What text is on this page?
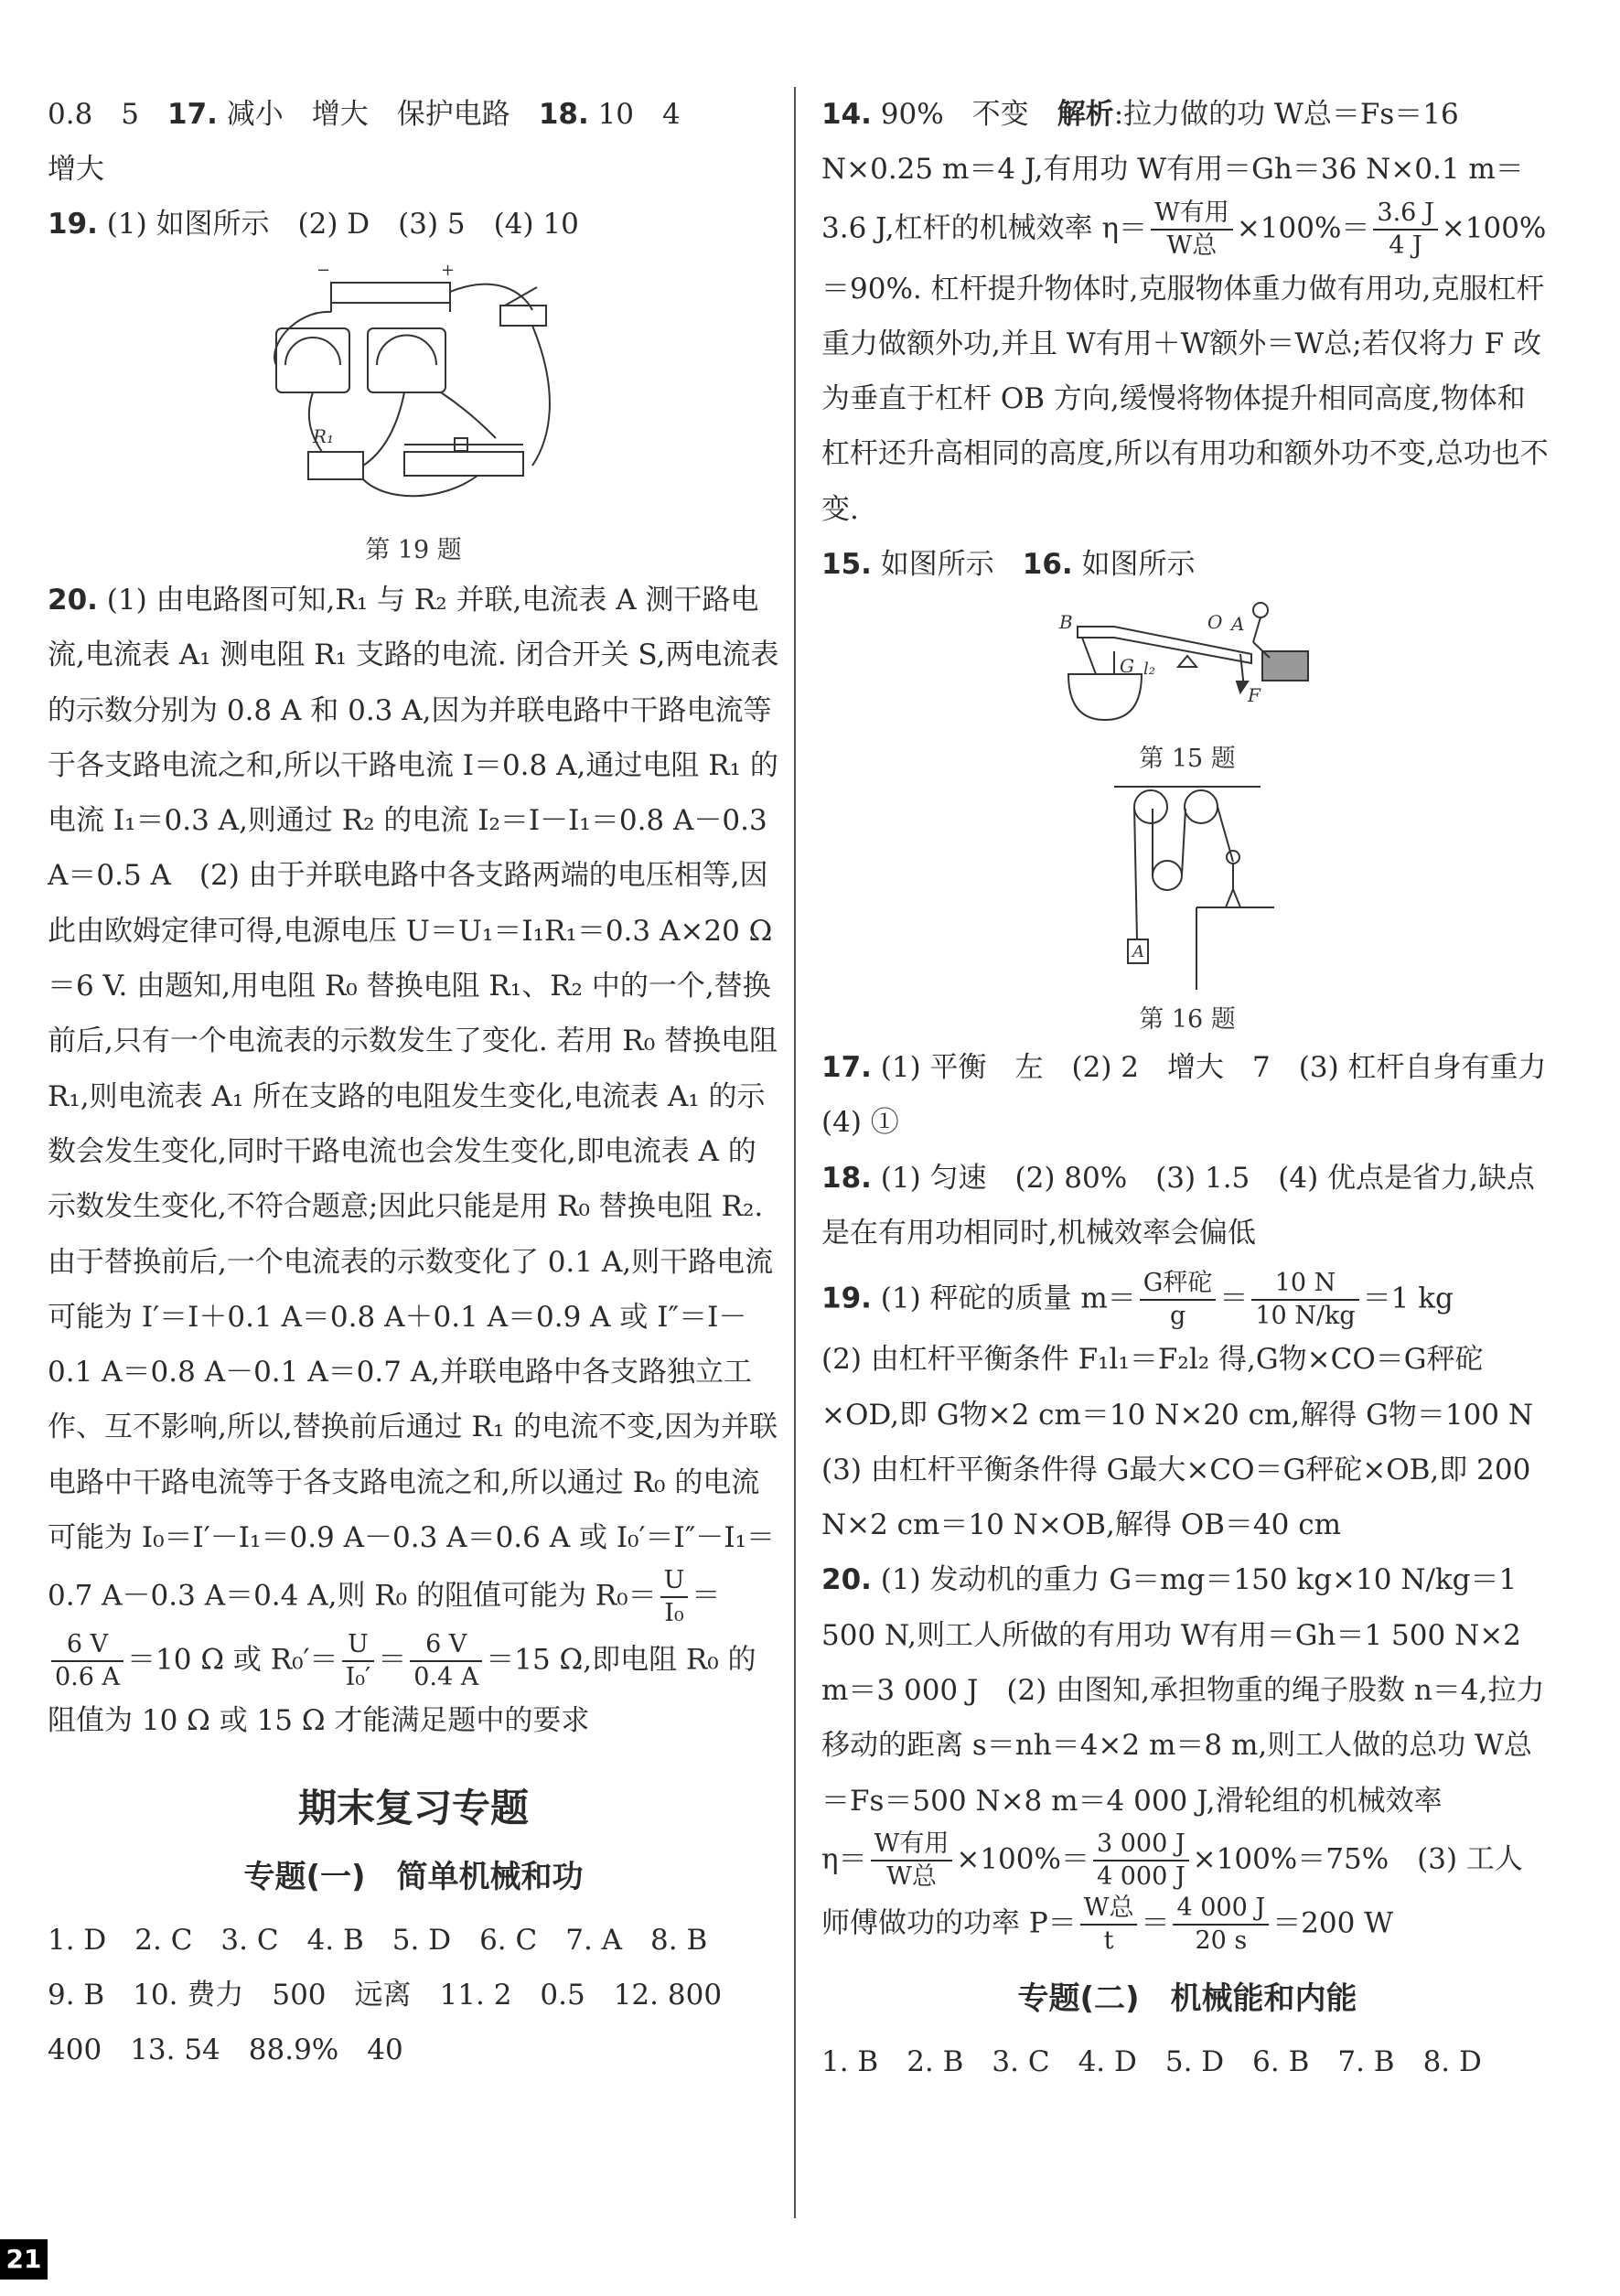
0.8　5　17. 减小　增大　保护电路　18. 10　4
增大
19. (1) 如图所示　(2) D　(3) 5　(4) 10
−	+
R₁
第 19 题
20. (1) 由电路图可知,R₁ 与 R₂ 并联,电流表 A 测干路电流,电流表 A₁ 测电阻 R₁ 支路的电流. 闭合开关 S,两电流表的示数分别为 0.8 A 和 0.3 A,因为并联电路中干路电流等于各支路电流之和,所以干路电流 I＝0.8 A,通过电阻 R₁ 的电流 I₁＝0.3 A,则通过 R₂ 的电流 I₂＝I－I₁＝0.8 A－0.3 A＝0.5 A　(2) 由于并联电路中各支路两端的电压相等,因此由欧姆定律可得,电源电压 U＝U₁＝I₁R₁＝0.3 A×20 Ω＝6 V. 由题知,用电阻 R₀ 替换电阻 R₁、R₂ 中的一个,替换前后,只有一个电流表的示数发生了变化. 若用 R₀ 替换电阻 R₁,则电流表 A₁ 所在支路的电阻发生变化,电流表 A₁ 的示数会发生变化,同时干路电流也会发生变化,即电流表 A 的示数发生变化,不符合题意;因此只能是用 R₀ 替换电阻 R₂. 由于替换前后,一个电流表的示数变化了 0.1 A,则干路电流可能为 I′＝I＋0.1 A＝0.8 A＋0.1 A＝0.9 A 或 I″＝I－0.1 A＝0.8 A－0.1 A＝0.7 A,并联电路中各支路独立工作、互不影响,所以,替换前后通过 R₁ 的电流不变,因为并联电路中干路电流等于各支路电流之和,所以通过 R₀ 的电流可能为 I₀＝I′－I₁＝0.9 A－0.3 A＝0.6 A 或 I₀′＝I″－I₁＝0.7 A－0.3 A＝0.4 A,则 R₀ 的阻值可能为 $R_0= \frac{U}{\text{I₀}}$ ＝
$\frac{6 V}{0.6 A} =10$ Ω 或 $R_0'= \frac{U}{\text{I₀′}} = \frac{6 V}{0.4 A} =15$ Ω,即电阻 R₀ 的阻值为 10 Ω 或 15 Ω 才能满足题中的要求
期末复习专题
专题(一)　简单机械和功
1. D　2. C　3. C　4. B　5. D　6. C　7. A　8. B
9. B　10. 费力　500　远离　11. 2　0.5　12. 800
400　13. 54　88.9%　40
14. 90%　不变　解析:拉力做的功 W总＝Fs＝16 N×0.25 m＝4 J,有用功 W有用＝Gh＝36 N×0.1 m＝3.6 J,杠杆的机械效率 $\eta= \frac{\text{W有用}}{\text{W总}} \times 100\%= \frac{3.6 J}{4 J} \times 100\%=90\%$. 杠杆提升物体时,克服物体重力做有用功,克服杠杆重力做额外功,并且 W有用＋W额外＝W总;若仅将力 F 改为垂直于杠杆 OB 方向,缓慢将物体提升相同高度,物体和杠杆还升高相同的高度,所以有用功和额外功不变,总功也不变.
15. 如图所示　16. 如图所示
B	O A
G l₂
F
第 15 题
A
第 16 题
17. (1) 平衡　左　(2) 2　增大　7　(3) 杠杆自身有重力　(4) ①
18. (1) 匀速　(2) 80%　(3) 1.5　(4) 优点是省力,缺点是在有用功相同时,机械效率会偏低
19. (1) 秤砣的质量 $m= \frac{\text{G秤砣}}{g} = \frac{10 N}{10 N/kg} =1$ kg
(2) 由杠杆平衡条件 F₁l₁＝F₂l₂ 得,G物×CO＝G秤砣×OD,即 G物×2 cm＝10 N×20 cm,解得 G物＝100 N　(3) 由杠杆平衡条件得 G最大×CO＝G秤砣×OB,即 200 N×2 cm＝10 N×OB,解得 OB＝40 cm
20. (1) 发动机的重力 G＝mg＝150 kg×10 N/kg＝1 500 N,则工人所做的有用功 W有用＝Gh＝1 500 N×2 m＝3 000 J　(2) 由图知,承担物重的绳子股数 n＝4,拉力移动的距离 s＝nh＝4×2 m＝8 m,则工人做的总功 W总＝Fs＝500 N×8 m＝4 000 J,滑轮组的机械效率
$\eta= \frac{\text{W有用}}{\text{W总}} \times 100\%= \frac{3 000 J}{4 000 J} \times 100\%=75\%$　(3) 工人
师傅做功的功率 $P= \frac{\text{W总}}{t} = \frac{4 000 J}{20 s} =200$ W
专题(二)　机械能和内能
1. B　2. B　3. C　4. D　5. D　6. B　7. B　8. D
21
